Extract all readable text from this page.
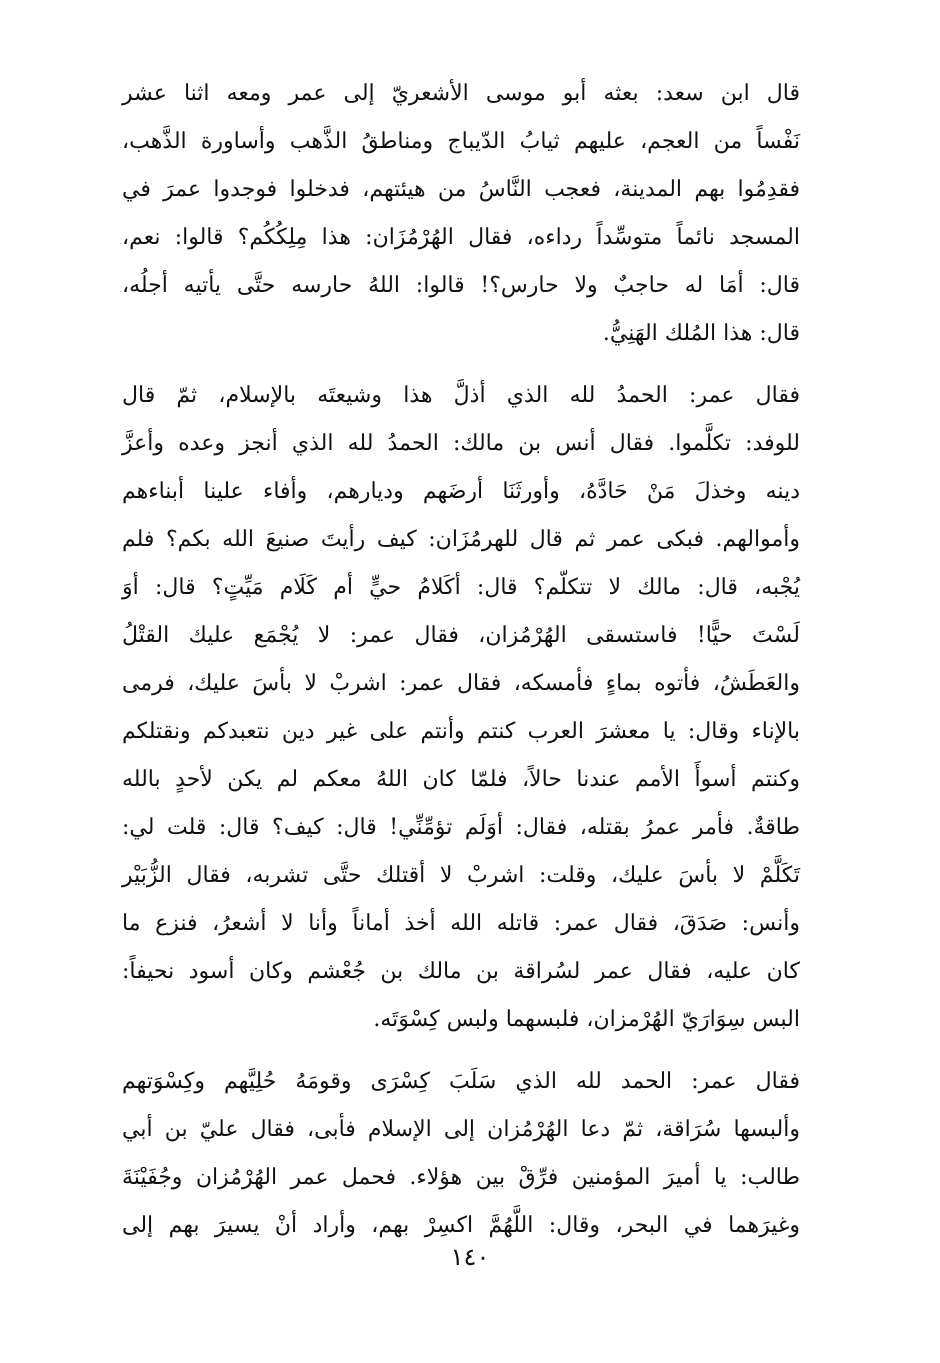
قال ابن سعد: بعثه أبو موسى الأشعريّ إلى عمر ومعه اثنا عشر
نَفْساً من العجم، عليهم ثيابُ الدّيباج ومناطقُ الذَّهب وأساورة الذَّهب،
فقدِمُوا بهم المدينة، فعجب النَّاسُ من هيئتهم، فدخلوا فوجدوا عمرَ في
المسجد نائماً متوسِّداً رداءه، فقال الهُرْمُزَان: هذا مِلِكُكُم؟ قالوا: نعم،
قال: أمَا له حاجبٌ ولا حارس؟! قالوا: اللهُ حارسه حتَّى يأتيه أجلُه،
قال: هذا المُلك الهَنِيُّ.

فقال عمر: الحمدُ لله الذي أذلَّ هذا وشيعتَه بالإسلام، ثمّ قال
للوفد: تكلَّموا. فقال أنس بن مالك: الحمدُ لله الذي أنجز وعده وأعزَّ
دينه وخذلَ مَنْ حَادَّهُ، وأورثَنَا أرضَهم وديارهم، وأفاء علينا أبناءهم
وأموالهم. فبكى عمر ثم قال للهرمُزَان: كيف رأيتَ صنيعَ الله بكم؟ فلم
يُجْبه، قال: مالك لا تتكلّم؟ قال: أكَلامُ حيٍّ أم كَلَام مَيِّتٍ؟ قال: أوَ
لَسْتَ حيًّا! فاستسقى الهُرْمُزان، فقال عمر: لا يُجْمَع عليك القتْلُ
والعَطَشُ، فأتوه بماءٍ فأمسكه، فقال عمر: اشربْ لا بأسَ عليك، فرمى
بالإناء وقال: يا معشرَ العرب كنتم وأنتم على غير دين نتعبدكم ونقتلكم
وكنتم أسوأَ الأمم عندنا حالاً، فلمّا كان اللهُ معكم لم يكن لأحدٍ بالله
طاقةٌ. فأمر عمرُ بقتله، فقال: أوَلَم تؤمِّنِّي! قال: كيف؟ قال: قلت لي:
تَكَلَّمْ لا بأسَ عليك، وقلت: اشربْ لا أقتلك حتَّى تشربه، فقال الزُّبَيْر
وأنس: صَدَقَ، فقال عمر: قاتله الله أخذ أماناً وأنا لا أشعرُ، فنزع ما
كان عليه، فقال عمر لسُراقة بن مالك بن جُعْشم وكان أسود نحيفاً:
البس سِوَارَيّ الهُرْمزان، فلبسهما ولبس كِسْوَتَه.

فقال عمر: الحمد لله الذي سَلَبَ كِسْرَى وقومَهُ حُلِيَّهم وكِسْوَتهم
وألبسها سُرَاقة، ثمّ دعا الهُرْمُزان إلى الإسلام فأبى، فقال عليّ بن أبي
طالب: يا أميرَ المؤمنين فرِّقْ بين هؤلاء. فحمل عمر الهُرْمُزان وجُفَيْنَةَ
وغيرَهما في البحر، وقال: اللَّهُمَّ اكسِرْ بهم، وأراد أنْ يسيرَ بهم إلى

١٤٠
